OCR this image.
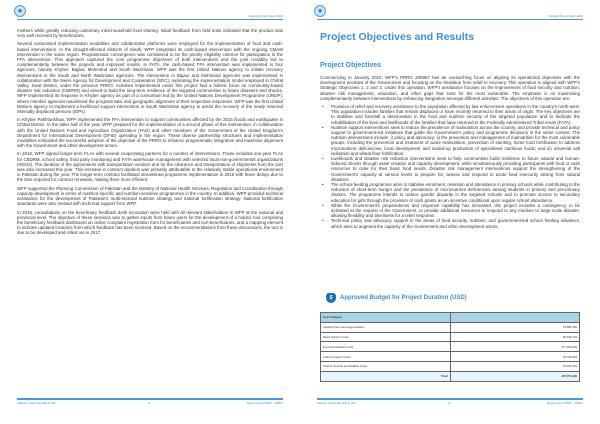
◉
Standard Project Report 2016

mothers while greatly reducing customary intra-household food sharing. Initial feedback from field tests indicated that the product was very well received by beneficiaries.

Several customised implementation modalities and collaborative platforms were employed for the implementation of food and cash-based interventions. In the drought-affected districts of Sindh, WFP integrated its cash-based intervention with the ongoing CMAM intervention in the same region. Programmatic convergence was considered to be the priority eligibility criterion for participation in the FFA intervention. This approach captured the core programme objectives of both interventions and the joint modality led to complementarity between the projects and improved results. In FATA, the cash-based FFA intervention was implemented in four agencies, namely Khyber, Bajaur, Mohmand and South Waziristan. WFP was the first United Nations agency to initiate recovery interventions in the South and North Waziristan agencies. The intervention in Bajaur and Mohmand agencies was implemented in collaboration with the Swiss Agency for Development and Cooperation (SDC), replicating the implementation model employed in Chitral Valley, Swat District, under the previous PRRO. Activities implemented under this project had a holistic focus on community-based disaster risk reduction (CBDRR) and aimed to build the long-term resilience of the targeted communities to future disasters and shocks. WFP implemented its response in Khyber agency as part of a consortium led by the United Nations Development Programme (UNDP), where member agencies maximised the programmatic and geographic alignment of their respective responses. WFP was the first United Nations agency to implement a livelihood support intervention in South Waziristan agency to assist the recovery of the newly returned internally displaced persons (IDPs).

In Khyber Pakhtunkhwa, WFP implemented the FFA intervention to support communities affected by the 2015 floods and earthquake in Chitral District. In the latter half of the year, WFP prepared for the implementation of a second phase of this intervention, in collaboration with the United Nations Food and Agriculture Organization (FAO) and other members of the Government of the United Kingdom's Department for International Development (DFID) operating in the region. These diverse partnership structures and implementation modalities embodied the successful adoption of the objective of the PRRO to enhance programmatic integration and maximise alignment with the Government and other development actors.

In 2016, WFP signed longer-term FLAs with several cooperating partners for a number of interventions. These included one-year FLAs for CBDRM, school safety, third party monitoring and FATA warehouse management with selected local non-governmental organizations (NGOs). The duration of the agreements with transportation vendors and for the clearance and transportation of shipments from the port was also increased this year. This increase in contract duration was primarily attributable to the relatively stable operational environment in Pakistan during the year. The longer-term contract facilitated streamlined programme implementation in 2016 with fewer delays due to the time required for contract renewals, making them more efficient.

WFP supported the Planning Commission of Pakistan and the Ministry of National Health Services, Regulation and Coordination through capacity development in terms of nutrition-specific and nutrition-sensitive programmes in the country. In addition, WFP provided technical assistance for the development of Pakistan's multi-sectoral nutrition strategy and national fortification strategy. National fortification standards were also revised with technical support from WFP.

In 2016, consultations on the beneficiary feedback desk innovation were held with all relevant stakeholders in WFP at the national and provincial level. The objective of these sessions was to gather inputs from future users for the development of a holistic tool comprising the beneficiary feedback dashboard an online complaint registration form for beneficiaries and non-beneficiaries, and a mapping element to indicate updated locations from which feedback has been received. Based on the recommendations from these discussions, the tool is due to be developed and rolled out in 2017.

Pakistan, Islamic Republic of (PK)	11	Single Country PRRO - 200867
◉
Standard Project Report 2016
Project Objectives and Results
Project Objectives

Commencing in January 2016, WFP's PRRO 200867 has an overarching focus on aligning its operational objectives with the development priorities of the Government and focusing on the transition from relief to recovery. This operation is aligned with WFP's Strategic Objectives 1, 2 and 3. Under this operation, WFP's assistance focuses on the improvement of food security and nutrition, disaster risk management, education, and other gaps that exist for the most vulnerable. The emphasis is on maximising complementarity between interventions by enhancing integration amongst different activities. The objectives of this operation are:

• Provision of relief and recovery assistance to the population affected by law enforcement operations in the country's north-west. This population includes families that remain displaced or have recently returned to their areas of origin. The key objectives are to stabilise and forestall a deterioration in the food and nutrition security of the targeted population and to facilitate the rehabilitation of the lives and livelihoods of the families that have returned to the Federally Administered Tribal Areas (FATA).
• Nutrition support interventions seek to reduce the prevalence of malnutrition across the country, and provide technical and policy support to government-led initiatives that guide the Government's policy and programme decisions in the same context. The nutrition interventions include: i) policy and advocacy; ii) the prevention and management of malnutrition for the most vulnerable groups, including the prevention and treatment of acute malnutrition, prevention of stunting, home food fortification to address micronutrient deficiencies, local development and scaled-up production of specialised nutritious foods; and iii) universal salt iodisation and wheat flour fortification.
• Livelihoods and disaster risk reduction interventions seek to help communities build resilience to future natural and human-induced shocks through asset creation and capacity development, while simultaneously providing participants with food or cash resources to cater for their basic food needs. Disaster risk management interventions support the strengthening of the Government's capacity at various levels to prepare for, assess and respond to acute food insecurity arising from natural disasters.
• The school feeding programme aims to stabilise enrolment, retention and attendance in primary schools while contributing to the reduction of short-term hunger and the prevalence of micronutrient deficiencies among students in primary and pre-primary classes. The programme intends to reduce gender disparity in the targeted schools and to promote access to secondary education for girls through the provision of cash grants as an incentive conditional upon regular school attendance.
• While the Government's preparedness and response capability has increased, this project includes a contingency, to be activated at the request of the Government, to provide additional resources to respond to any medium to large-scale disaster, allowing flexibility and timeliness for a relief response.
• Technical policy and advocacy support in the areas of food security, nutrition, and government-led school feeding initiatives, which aims to augment the capacity of the Government and other development actors.
$	Approved Budget for Project Duration (USD)
Cost Category	
Capacity Dev.t and Augmentation	23,881,050
Direct Support Costs	50,608,794
Food and Related Costs	277,009,001
Indirect Support Costs	39,790,548
Cash & Voucher and Related Costs	79,462,203
Total	470,751,596
Pakistan, Islamic Republic of (PK)	12	Single Country PRRO - 200867
